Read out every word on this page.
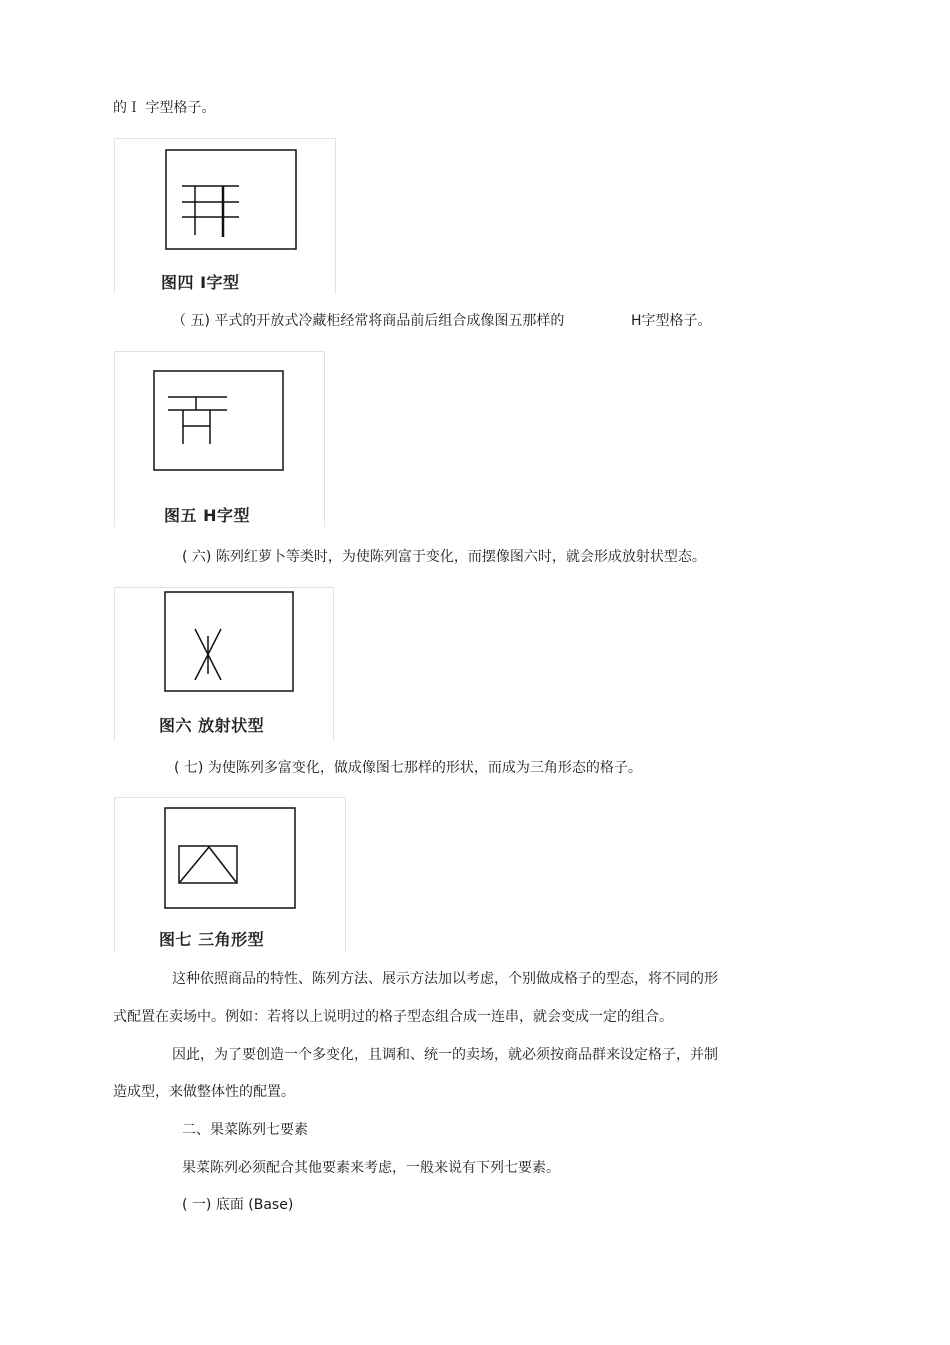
的Ｉ 字型格子。
图四 I字型
（ 五) 平式的开放式冷藏柜经常将商品前后组合成像图五那样的	H字型格子。
图五 H字型
( 六) 陈列红萝卜等类时，为使陈列富于变化，而摆像图六时，就会形成放射状型态。
图六 放射状型
( 七) 为使陈列多富变化，做成像图七那样的形状，而成为三角形态的格子。
图七 三角形型
这种依照商品的特性、陈列方法、展示方法加以考虑，个别做成格子的型态，将不同的形
式配置在卖场中。例如：若将以上说明过的格子型态组合成一连串，就会变成一定的组合。
因此，为了要创造一个多变化，且调和、统一的卖场，就必须按商品群来设定格子，并制
造成型，来做整体性的配置。
二、果菜陈列七要素
果菜陈列必须配合其他要素来考虑，一般来说有下列七要素。
( 一) 底面 (Base)
